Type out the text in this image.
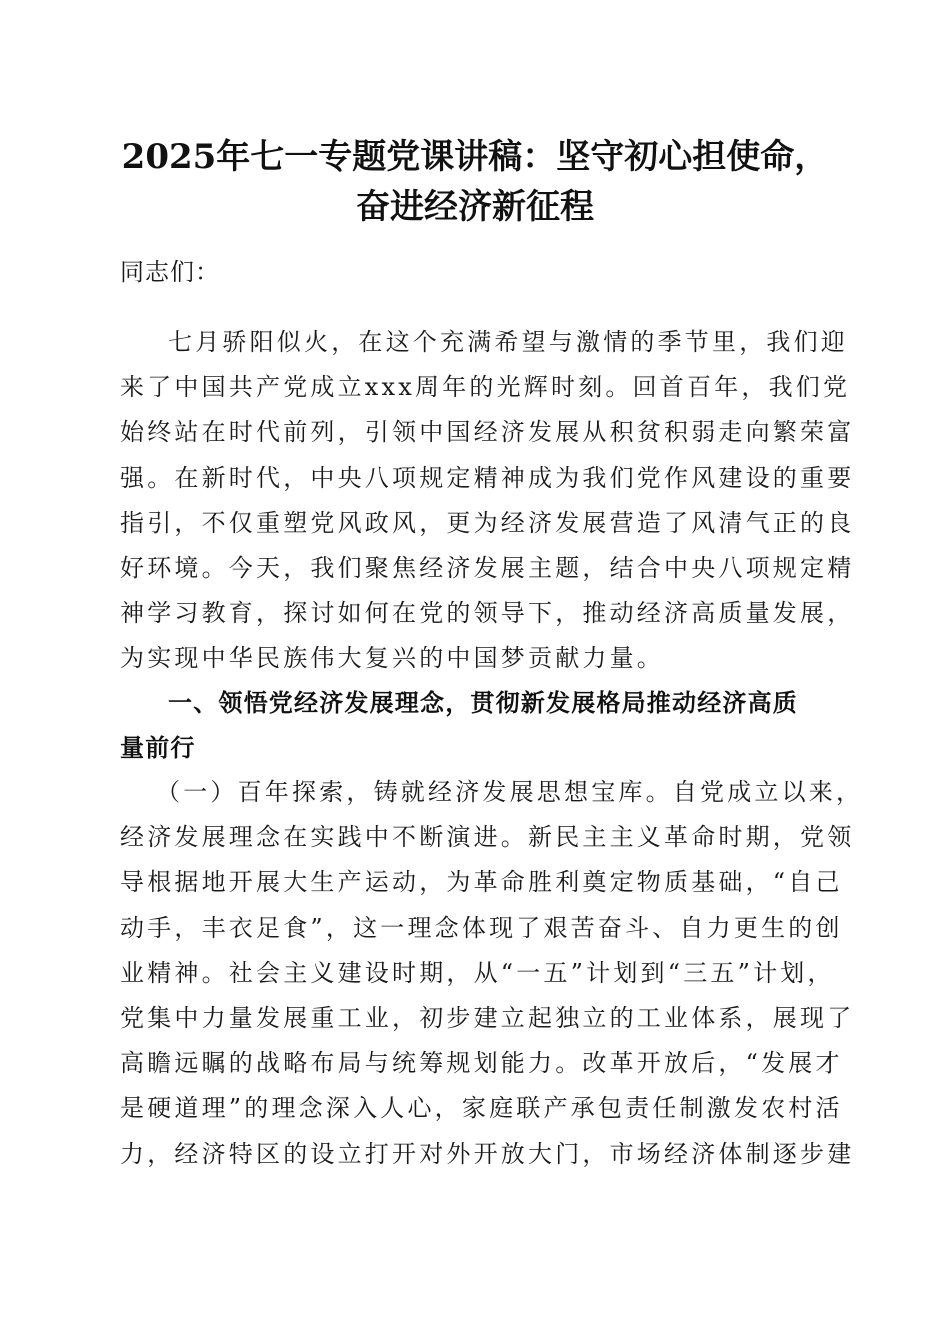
2025年七一专题党课讲稿：坚守初心担使命，
奋进经济新征程
同志们：
七月骄阳似火，在这个充满希望与激情的季节里，我们迎
来了中国共产党成立xxx周年的光辉时刻。回首百年，我们党
始终站在时代前列，引领中国经济发展从积贫积弱走向繁荣富
强。在新时代，中央八项规定精神成为我们党作风建设的重要
指引，不仅重塑党风政风，更为经济发展营造了风清气正的良
好环境。今天，我们聚焦经济发展主题，结合中央八项规定精
神学习教育，探讨如何在党的领导下，推动经济高质量发展，
为实现中华民族伟大复兴的中国梦贡献力量。
一、领悟党经济发展理念，贯彻新发展格局推动经济高质
量前行
（一）百年探索，铸就经济发展思想宝库。自党成立以来，
经济发展理念在实践中不断演进。新民主主义革命时期，党领
导根据地开展大生产运动，为革命胜利奠定物质基础，“自己
动手，丰衣足食”，这一理念体现了艰苦奋斗、自力更生的创
业精神。社会主义建设时期，从“一五”计划到“三五”计划，
党集中力量发展重工业，初步建立起独立的工业体系，展现了
高瞻远瞩的战略布局与统筹规划能力。改革开放后，“发展才
是硬道理”的理念深入人心，家庭联产承包责任制激发农村活
力，经济特区的设立打开对外开放大门，市场经济体制逐步建
